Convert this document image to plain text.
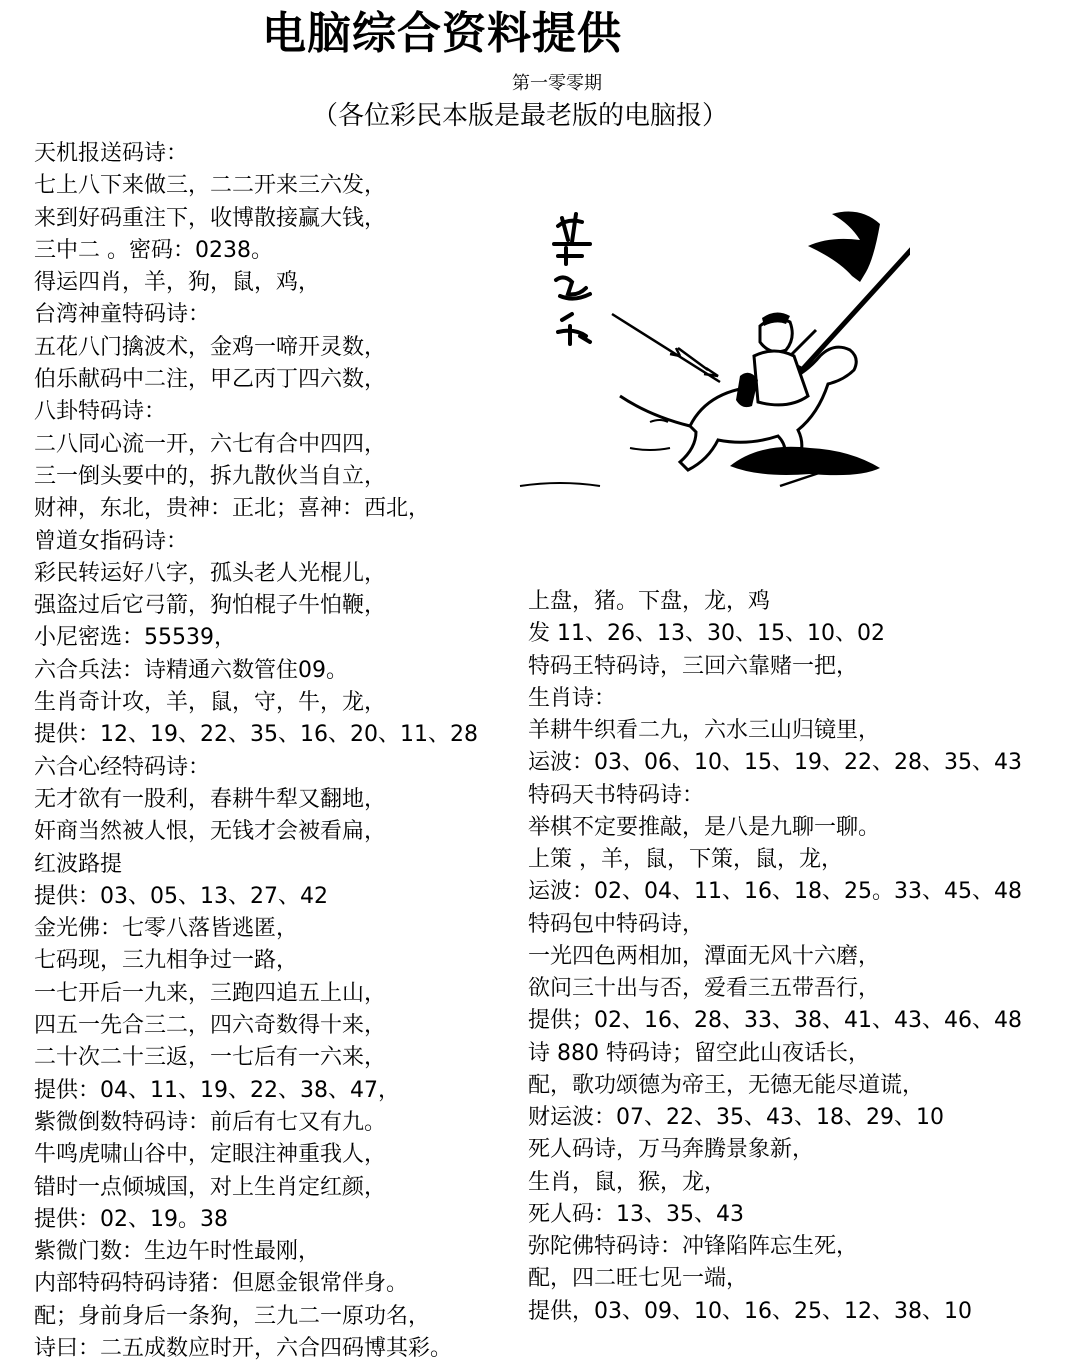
电脑综合资料提供
第一零零期
（各位彩民本版是最老版的电脑报）
天机报送码诗：
七上八下来做三，二二开来三六发，
来到好码重注下，收博散接赢大钱，
三中二 。密码：0238。
得运四肖，羊，狗，鼠，鸡，
台湾神童特码诗：
五花八门擒波术，金鸡一啼开灵数，
伯乐献码中二注，甲乙丙丁四六数，
八卦特码诗：
二八同心流一开，六七有合中四四，
三一倒头要中的，拆九散伙当自立，
财神，东北，贵神：正北；喜神：西北，
曾道女指码诗：
彩民转运好八字，孤头老人光棍儿，
强盗过后它弓箭，狗怕棍子牛怕鞭，
小尼密选：55539，
六合兵法：诗精通六数管住09。
生肖奇计攻，羊，鼠，守，牛，龙，
提供：12、19、22、35、16、20、11、28
六合心经特码诗：
无才欲有一股利，春耕牛犁又翻地，
奸商当然被人恨，无钱才会被看扁，
红波路提
提供：03、05、13、27、42
金光佛：七零八落皆逃匿，
七码现，三九相争过一路，
一七开后一九来，三跑四追五上山，
四五一先合三二，四六奇数得十来，
二十次二十三返，一七后有一六来，
提供：04、11、19、22、38、47，
紫微倒数特码诗：前后有七又有九。
牛鸣虎啸山谷中，定眼注神重我人，
错时一点倾城国，对上生肖定红颜，
提供：02、19。38
紫微门数：生边午时性最刚，
内部特码特码诗猪：但愿金银常伴身。
配；身前身后一条狗，三九二一原功名，
诗曰：二五成数应时开，六合四码博其彩。
上盘，猪。下盘，龙，鸡
发 11、26、13、30、15、10、02
特码王特码诗，三回六靠赌一把，
生肖诗：
羊耕牛织看二九，六水三山归镜里，
运波：03、06、10、15、19、22、28、35、43
特码天书特码诗：
举棋不定要推敲，是八是九聊一聊。
上策 ，羊，鼠，下策，鼠，龙，
运波：02、04、11、16、18、25。33、45、48
特码包中特码诗，
一光四色两相加，潭面无风十六磨，
欲问三十出与否，爱看三五带吾行，
提供；02、16、28、33、38、41、43、46、48
诗 880 特码诗；留空此山夜话长，
配，歌功颂德为帝王，无德无能尽道谎，
财运波：07、22、35、43、18、29、10
死人码诗，万马奔腾景象新，
生肖，鼠，猴，龙，
死人码：13、35、43
弥陀佛特码诗：冲锋陷阵忘生死，
配，四二旺七见一端，
提供，03、09、10、16、25、12、38、10
